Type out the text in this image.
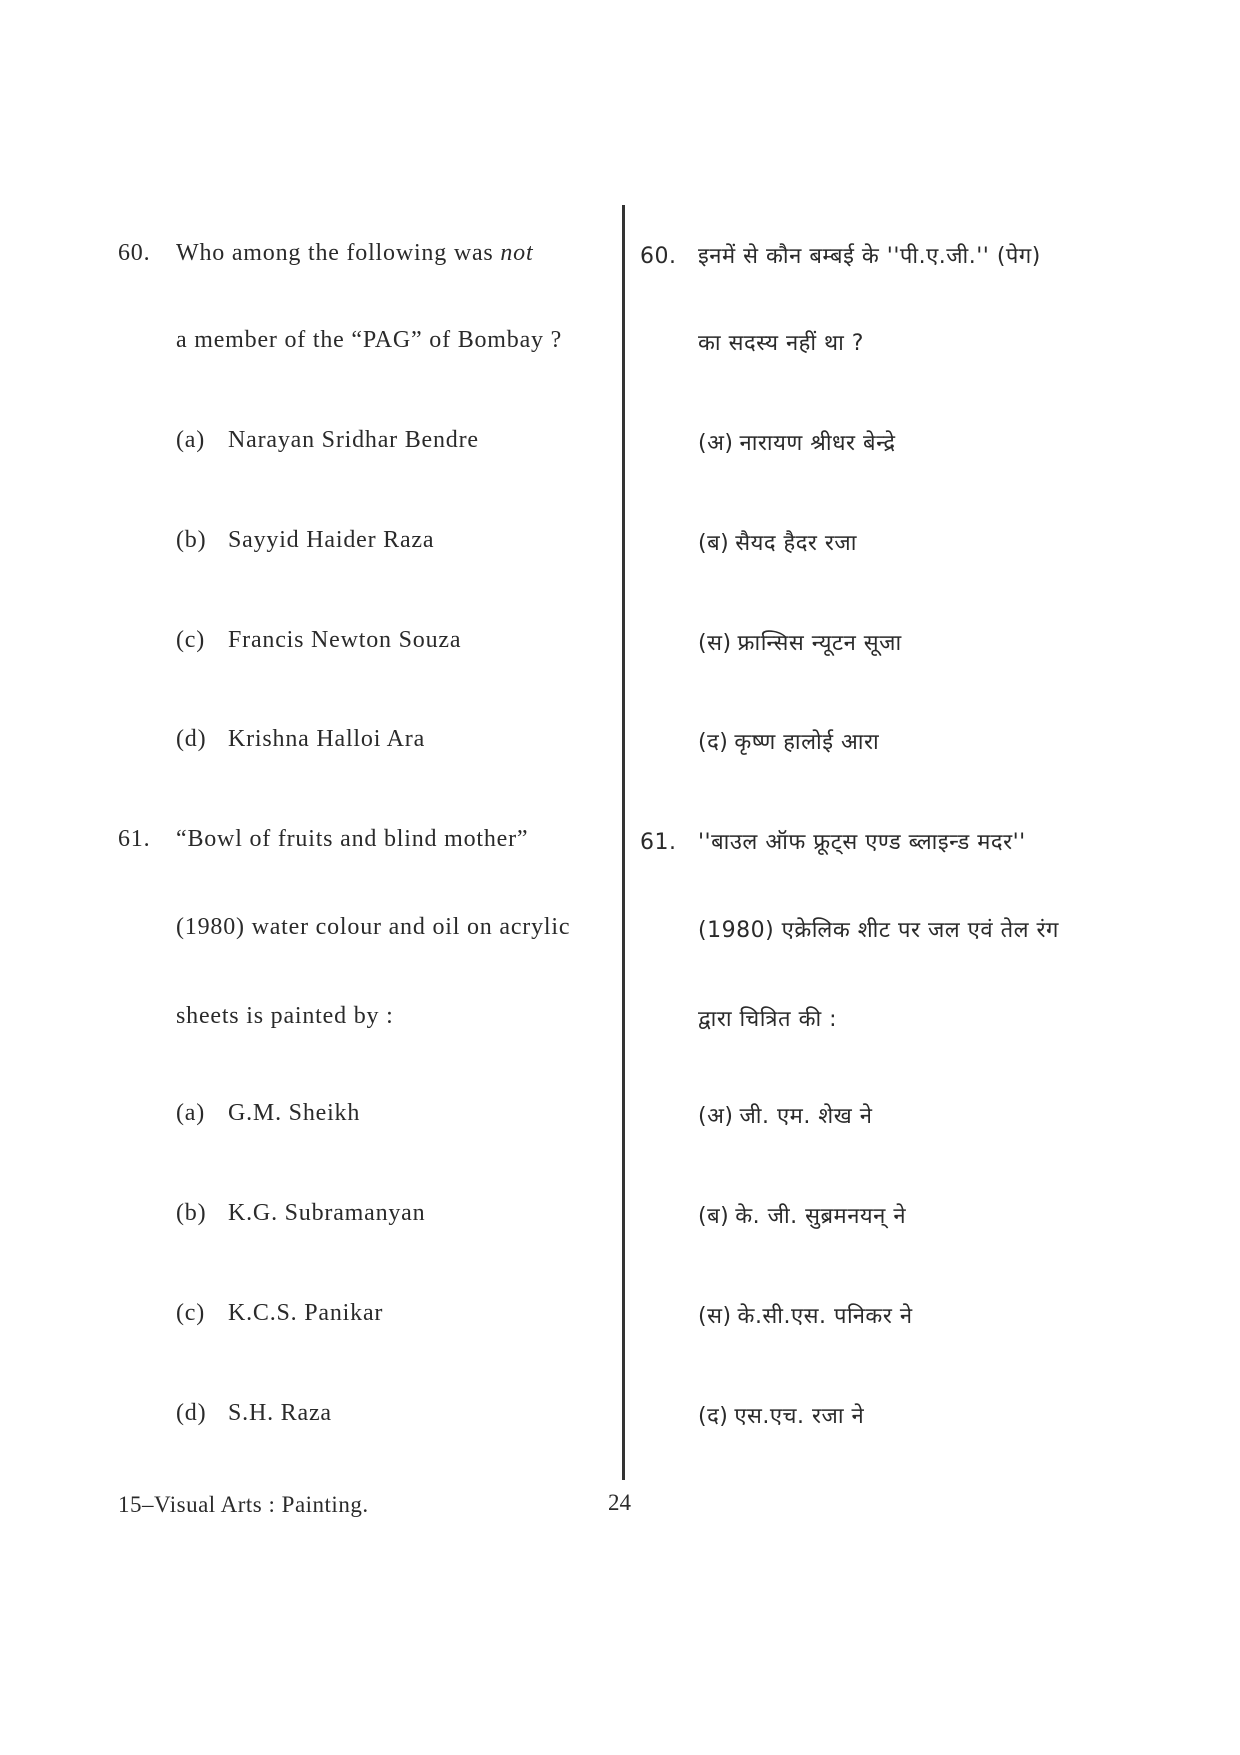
60. Who among the following was not
a member of the “PAG” of Bombay ?
(a) Narayan Sridhar Bendre
(b) Sayyid Haider Raza
(c) Francis Newton Souza
(d) Krishna Halloi Ara
61. “Bowl of fruits and blind mother”
(1980) water colour and oil on acrylic
sheets is painted by :
(a) G.M. Sheikh
(b) K.G. Subramanyan
(c) K.C.S. Panikar
(d) S.H. Raza
60. इनमें से कौन बम्बई के ''पी.ए.जी.'' (पेग)
का सदस्य नहीं था ?
(अ) नारायण श्रीधर बेन्द्रे
(ब) सैयद हैदर रजा
(स) फ्रान्सिस न्यूटन सूजा
(द) कृष्ण हालोई आरा
61. ''बाउल ऑफ फ्रूट्स एण्ड ब्लाइन्ड मदर''
(1980) एक्रेलिक शीट पर जल एवं तेल रंग
द्वारा चित्रित की :
(अ) जी. एम. शेख ने
(ब) के. जी. सुब्रमनयन् ने
(स) के.सी.एस. पनिकर ने
(द) एस.एच. रजा ने
15–Visual Arts : Painting.	24
